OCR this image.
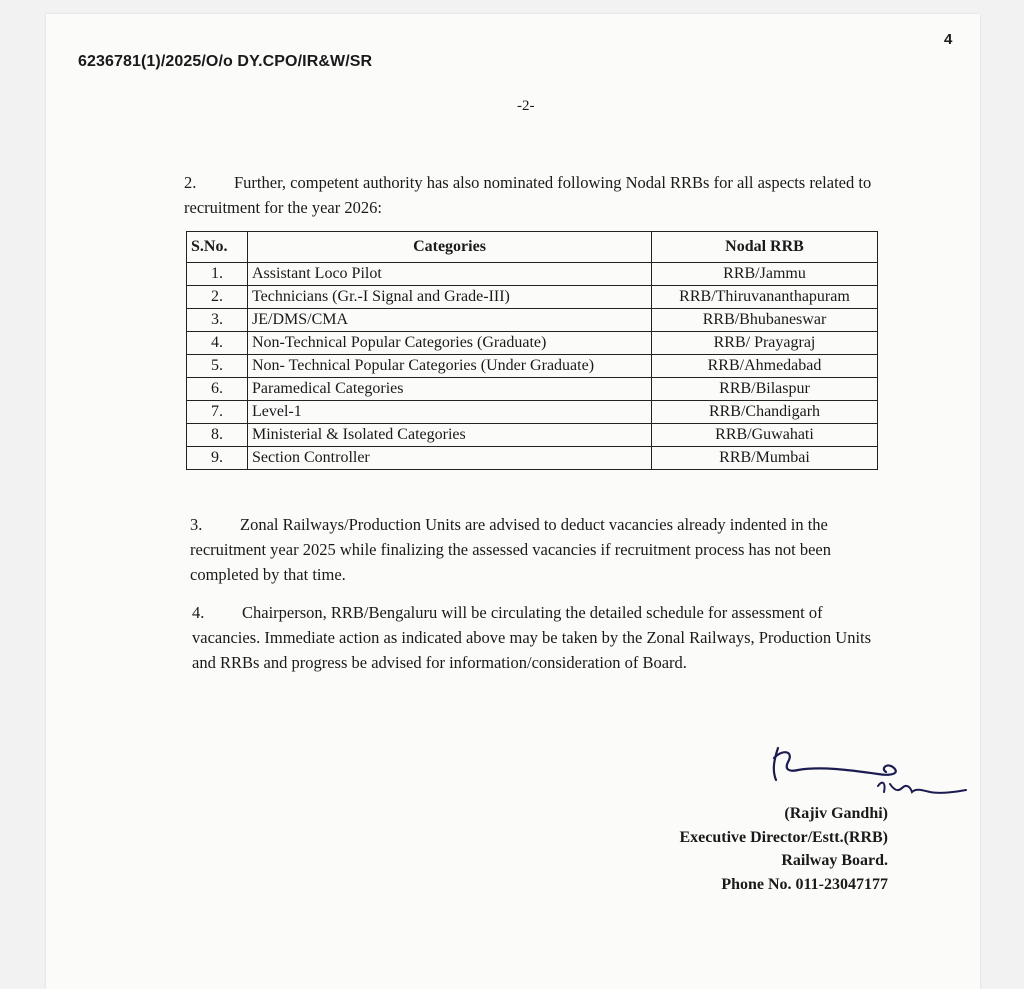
4
6236781(1)/2025/O/o DY.CPO/IR&W/SR
-2-
2. Further, competent authority has also nominated following Nodal RRBs for all aspects related to recruitment for the year 2026:
S.No.	Categories	Nodal RRB
1.	Assistant Loco Pilot	RRB/Jammu
2.	Technicians (Gr.-I Signal and Grade-III)	RRB/Thiruvananthapuram
3.	JE/DMS/CMA	RRB/Bhubaneswar
4.	Non-Technical Popular Categories (Graduate)	RRB/ Prayagraj
5.	Non- Technical Popular Categories (Under Graduate)	RRB/Ahmedabad
6.	Paramedical Categories	RRB/Bilaspur
7.	Level-1	RRB/Chandigarh
8.	Ministerial & Isolated Categories	RRB/Guwahati
9.	Section Controller	RRB/Mumbai
3. Zonal Railways/Production Units are advised to deduct vacancies already indented in the recruitment year 2025 while finalizing the assessed vacancies if recruitment process has not been completed by that time.
4. Chairperson, RRB/Bengaluru will be circulating the detailed schedule for assessment of vacancies. Immediate action as indicated above may be taken by the Zonal Railways, Production Units and RRBs and progress be advised for information/consideration of Board.
(Rajiv Gandhi)
Executive Director/Estt.(RRB)
Railway Board.
Phone No. 011-23047177
